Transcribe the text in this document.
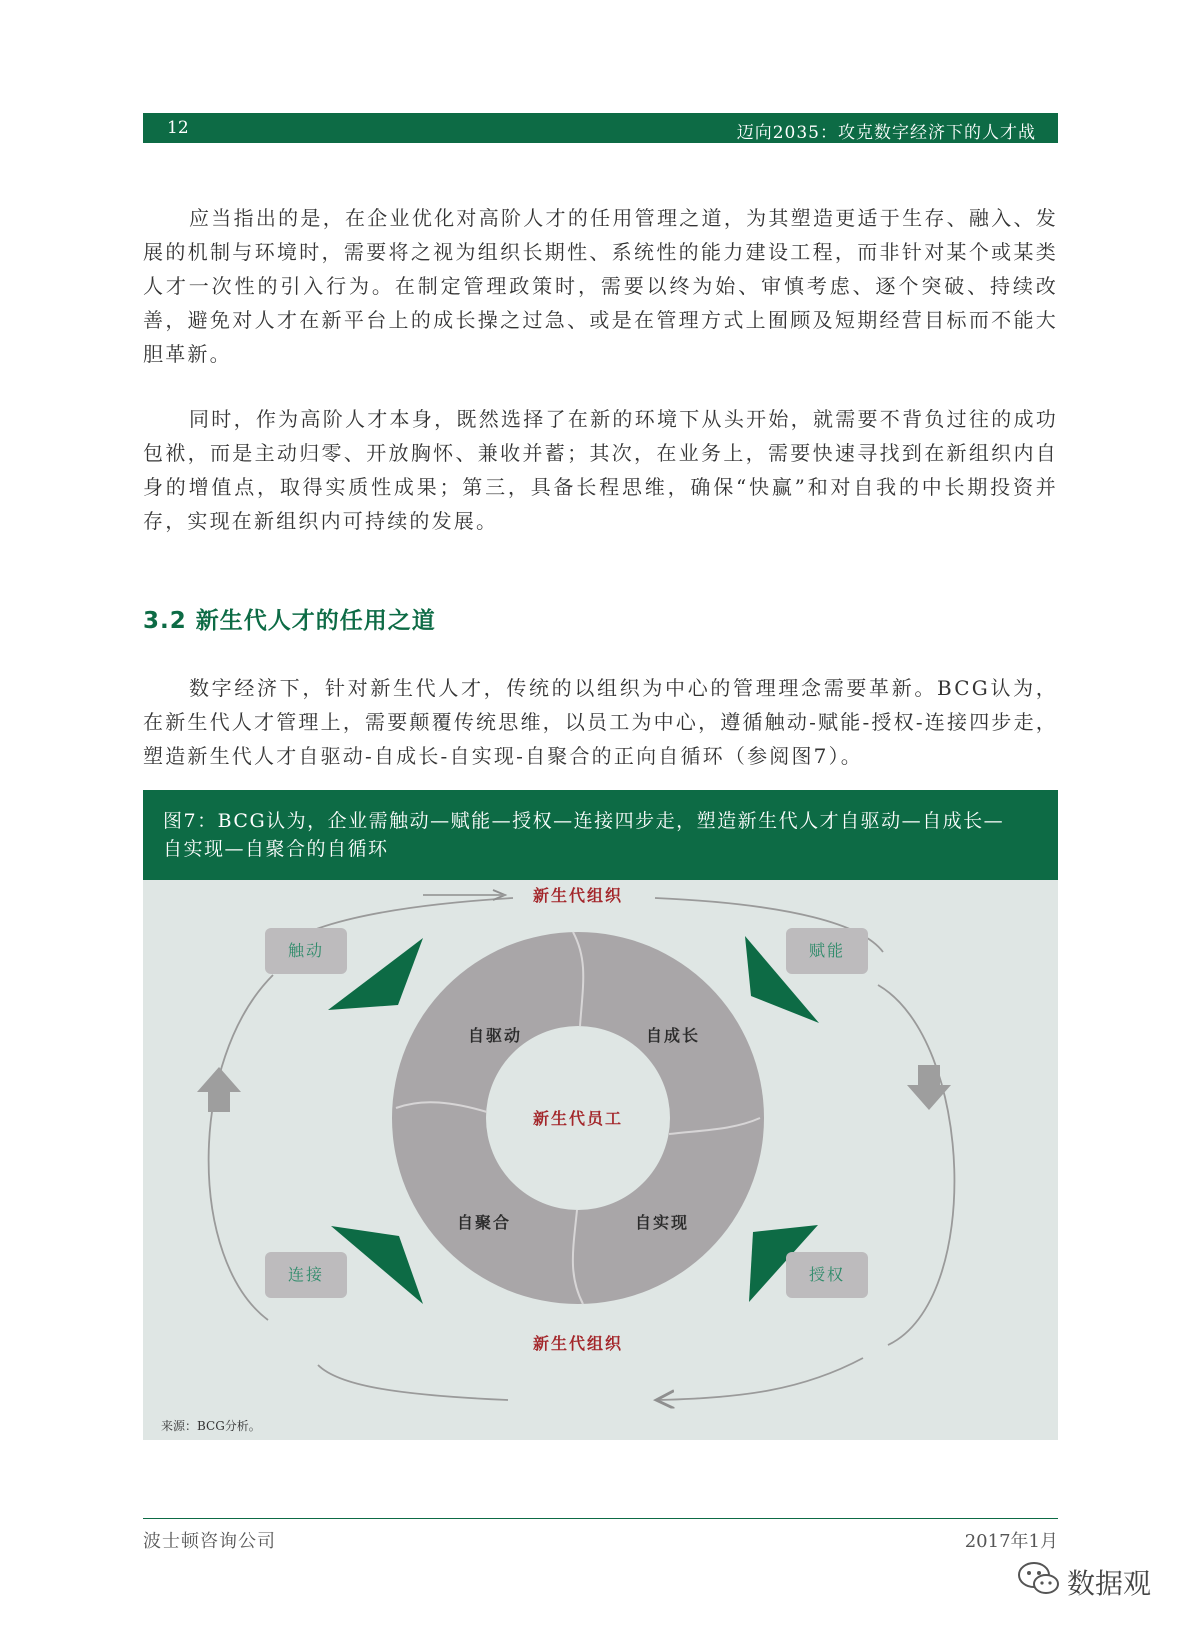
12	迈向2035：攻克数字经济下的人才战

应当指出的是，在企业优化对高阶人才的任用管理之道，为其塑造更适于生存、融入、发展的机制与环境时，需要将之视为组织长期性、系统性的能力建设工程，而非针对某个或某类人才一次性的引入行为。在制定管理政策时，需要以终为始、审慎考虑、逐个突破、持续改善，避免对人才在新平台上的成长操之过急、或是在管理方式上囿顾及短期经营目标而不能大胆革新。

同时，作为高阶人才本身，既然选择了在新的环境下从头开始，就需要不背负过往的成功包袱，而是主动归零、开放胸怀、兼收并蓄；其次，在业务上，需要快速寻找到在新组织内自身的增值点，取得实质性成果；第三，具备长程思维，确保“快赢”和对自我的中长期投资并存，实现在新组织内可持续的发展。

3.2 新生代人才的任用之道

数字经济下，针对新生代人才，传统的以组织为中心的管理理念需要革新。BCG认为，在新生代人才管理上，需要颠覆传统思维，以员工为中心，遵循触动-赋能-授权-连接四步走，塑造新生代人才自驱动-自成长-自实现-自聚合的正向自循环（参阅图7）。

图7：BCG认为，企业需触动—赋能—授权—连接四步走，塑造新生代人才自驱动—自成长—自实现—自聚合的自循环

新生代组织
新生代组织
新生代员工
自驱动	自成长
自实现
自聚合
触动	赋能
授权
连接
来源：BCG分析。
波士顿咨询公司	2017年1月
数据观
